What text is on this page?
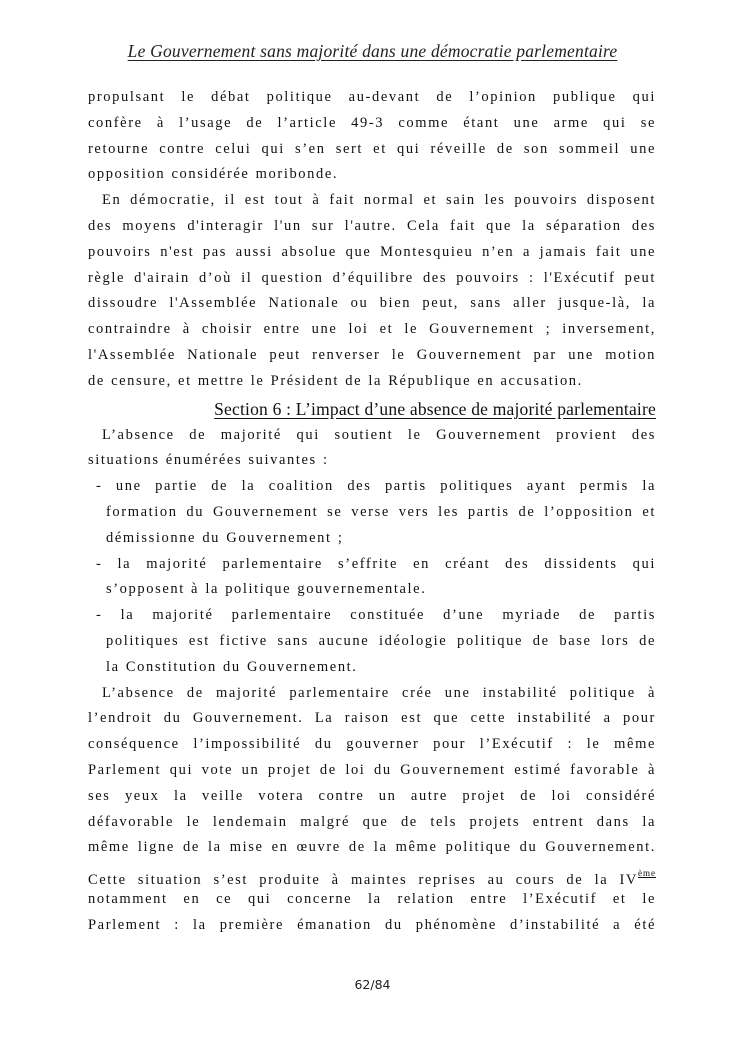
Le Gouvernement sans majorité dans une démocratie parlementaire
propulsant le débat politique au-devant de l’opinion publique qui
confère à l’usage de l’article 49-3 comme étant une arme qui se
retourne contre celui qui s’en sert et qui réveille de son sommeil une
opposition considérée moribonde.
En démocratie, il est tout à fait normal et sain les pouvoirs disposent
des moyens d'interagir l'un sur l'autre. Cela fait que la séparation des
pouvoirs n'est pas aussi absolue que Montesquieu n’en a jamais fait une
règle d'airain d’où il question d’équilibre des pouvoirs : l'Exécutif peut
dissoudre l'Assemblée Nationale ou bien peut, sans aller jusque-là, la
contraindre à choisir entre une loi et le Gouvernement ; inversement,
l'Assemblée Nationale peut renverser le Gouvernement par une motion
de censure, et mettre le Président de la République en accusation.
Section 6 : L’impact d’une absence de majorité parlementaire
L’absence de majorité qui soutient le Gouvernement provient des
situations énumérées suivantes :
- une partie de la coalition des partis politiques ayant permis la
formation du Gouvernement se verse vers les partis de l’opposition et
démissionne du Gouvernement ;
- la majorité parlementaire s’effrite en créant des dissidents qui
s’opposent à la politique gouvernementale.
- la majorité parlementaire constituée d’une myriade de partis
politiques est fictive sans aucune idéologie politique de base lors de
la Constitution du Gouvernement.
L’absence de majorité parlementaire crée une instabilité politique à
l’endroit du Gouvernement. La raison est que cette instabilité a pour
conséquence l’impossibilité du gouverner pour l’Exécutif : le même
Parlement qui vote un projet de loi du Gouvernement estimé favorable à
ses yeux la veille votera contre un autre projet de loi considéré
défavorable le lendemain malgré que de tels projets entrent dans la
même ligne de la mise en œuvre de la même politique du Gouvernement.
Cette situation s’est produite à maintes reprises au cours de la IVème
notamment en ce qui concerne la relation entre l’Exécutif et le
Parlement : la première émanation du phénomène d’instabilité a été
62/84
